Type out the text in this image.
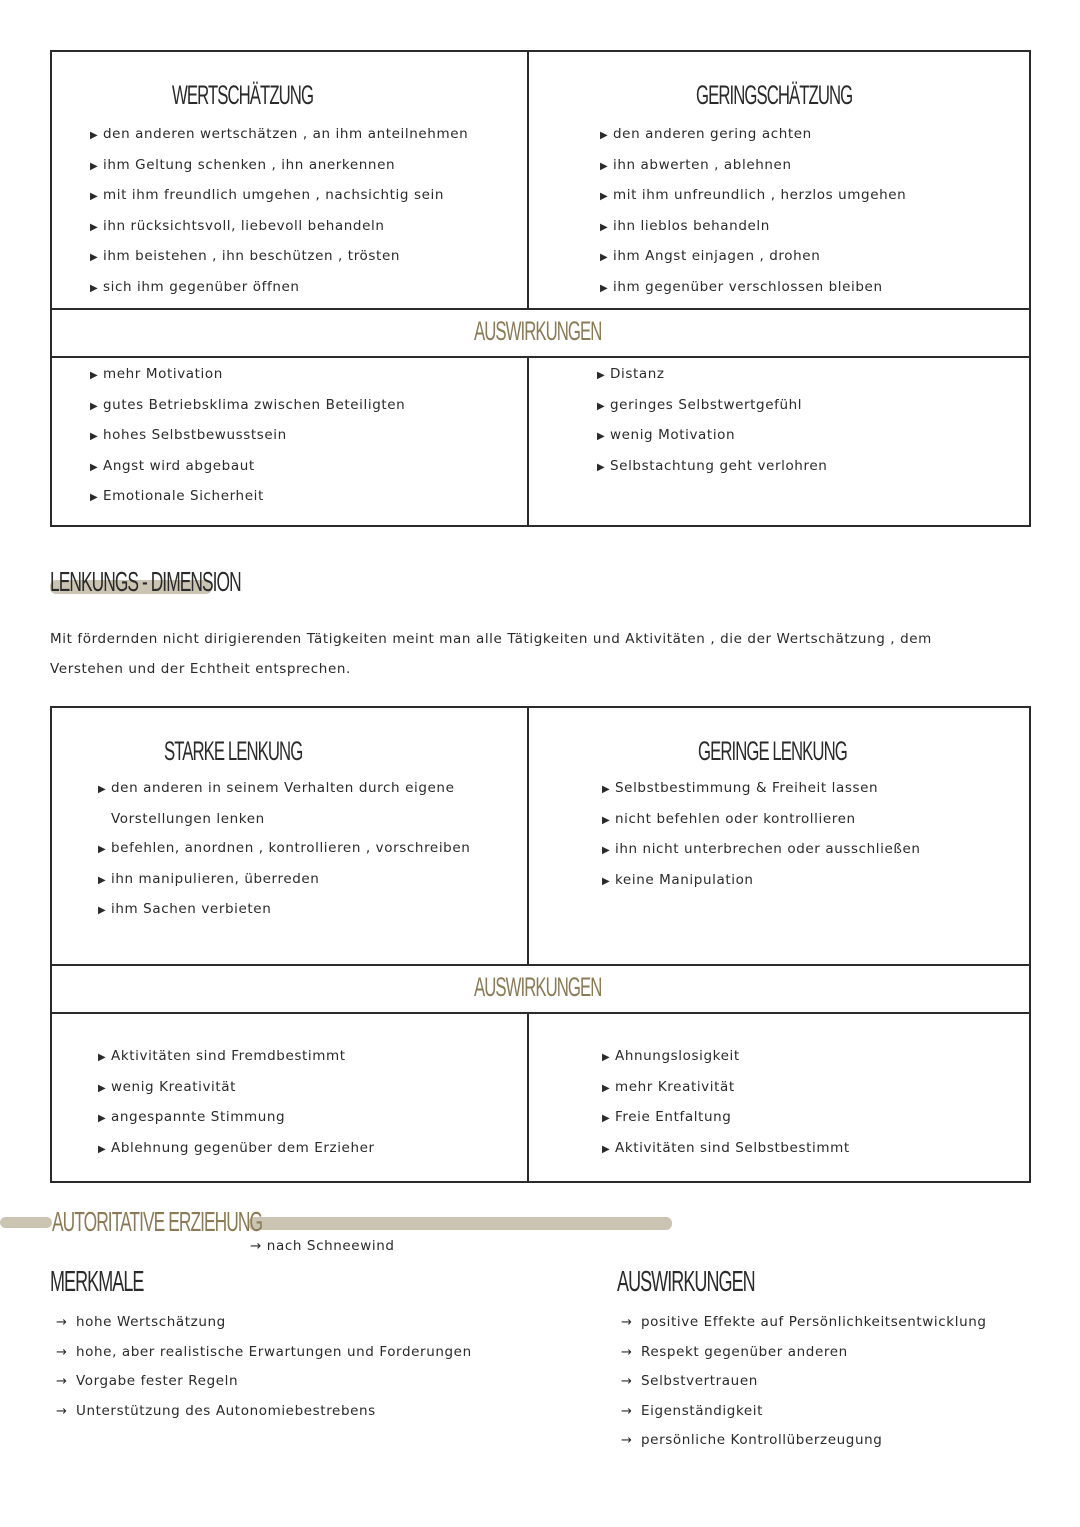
WERTSCHÄTZUNG	GERINGSCHÄTZUNG
▶ den anderen wertschätzen , an ihm anteilnehmen
▶ ihm Geltung schenken , ihn anerkennen
▶ mit ihm freundlich umgehen , nachsichtig sein
▶ ihn rücksichtsvoll, liebevoll behandeln
▶ ihm beistehen , ihn beschützen , trösten
▶ sich ihm gegenüber öffnen
▶ den anderen gering achten
▶ ihn abwerten , ablehnen
▶ mit ihm unfreundlich , herzlos umgehen
▶ ihn lieblos behandeln
▶ ihm Angst einjagen , drohen
▶ ihm gegenüber verschlossen bleiben
AUSWIRKUNGEN
▶ mehr Motivation
▶ gutes Betriebsklima zwischen Beteiligten
▶ hohes Selbstbewusstsein
▶ Angst wird abgebaut
▶ Emotionale Sicherheit
▶ Distanz
▶ geringes Selbstwertgefühl
▶ wenig Motivation
▶ Selbstachtung geht verlohren
LENKUNGS - DIMENSION

Mit fördernden nicht dirigierenden Tätigkeiten meint man alle Tätigkeiten und Aktivitäten , die der Wertschätzung , dem
Verstehen und der Echtheit entsprechen.

STARKE LENKUNG	GERINGE LENKUNG
▶ den anderen in seinem Verhalten durch eigene
Vorstellungen lenken
▶ befehlen, anordnen , kontrollieren , vorschreiben
▶ ihn manipulieren, überreden
▶ ihm Sachen verbieten
▶ Selbstbestimmung & Freiheit lassen
▶ nicht befehlen oder kontrollieren
▶ ihn nicht unterbrechen oder ausschließen
▶ keine Manipulation
AUSWIRKUNGEN
▶ Aktivitäten sind Fremdbestimmt
▶ wenig Kreativität
▶ angespannte Stimmung
▶ Ablehnung gegenüber dem Erzieher
▶ Ahnungslosigkeit
▶ mehr Kreativität
▶ Freie Entfaltung
▶ Aktivitäten sind Selbstbestimmt
AUTORITATIVE ERZIEHUNG
→ nach Schneewind
MERKMALE
→ hohe Wertschätzung
→ hohe, aber realistische Erwartungen und Forderungen
→ Vorgabe fester Regeln
→ Unterstützung des Autonomiebestrebens
AUSWIRKUNGEN
→ positive Effekte auf Persönlichkeitsentwicklung
→ Respekt gegenüber anderen
→ Selbstvertrauen
→ Eigenständigkeit
→ persönliche Kontrollüberzeugung
